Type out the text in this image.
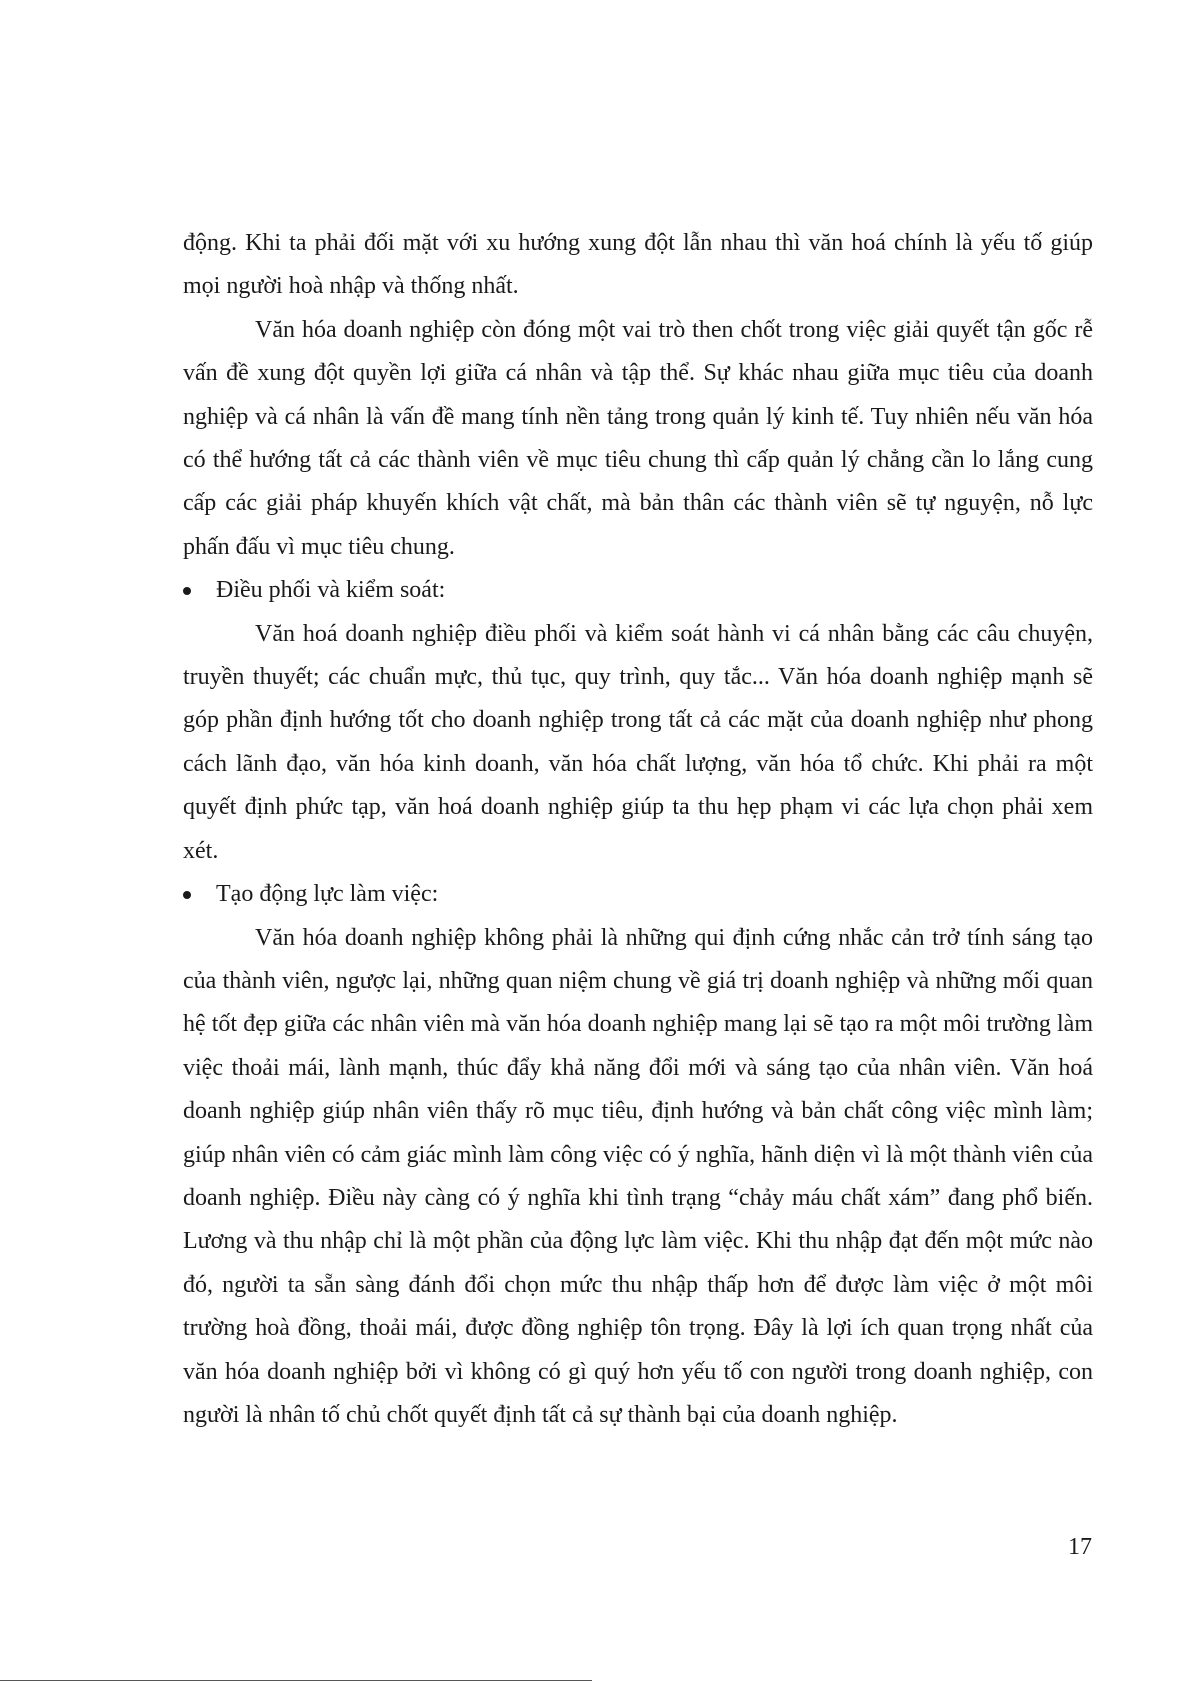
động. Khi ta phải đối mặt với xu hướng xung đột lẫn nhau thì văn hoá chính là yếu tố giúp mọi người hoà nhập và thống nhất.

Văn hóa doanh nghiệp còn đóng một vai trò then chốt trong việc giải quyết tận gốc rễ vấn đề xung đột quyền lợi giữa cá nhân và tập thể. Sự khác nhau giữa mục tiêu của doanh nghiệp và cá nhân là vấn đề mang tính nền tảng trong quản lý kinh tế. Tuy nhiên nếu văn hóa có thể hướng tất cả các thành viên về mục tiêu chung thì cấp quản lý chẳng cần lo lắng cung cấp các giải pháp khuyến khích vật chất, mà bản thân các thành viên sẽ tự nguyện, nỗ lực phấn đấu vì mục tiêu chung.

Điều phối và kiểm soát:

Văn hoá doanh nghiệp điều phối và kiểm soát hành vi cá nhân bằng các câu chuyện, truyền thuyết; các chuẩn mực, thủ tục, quy trình, quy tắc... Văn hóa doanh nghiệp mạnh sẽ góp phần định hướng tốt cho doanh nghiệp trong tất cả các mặt của doanh nghiệp như phong cách lãnh đạo, văn hóa kinh doanh, văn hóa chất lượng, văn hóa tổ chức. Khi phải ra một quyết định phức tạp, văn hoá doanh nghiệp giúp ta thu hẹp phạm vi các lựa chọn phải xem xét.

Tạo động lực làm việc:

Văn hóa doanh nghiệp không phải là những qui định cứng nhắc cản trở tính sáng tạo của thành viên, ngược lại, những quan niệm chung về giá trị doanh nghiệp và những mối quan hệ tốt đẹp giữa các nhân viên mà văn hóa doanh nghiệp mang lại sẽ tạo ra một môi trường làm việc thoải mái, lành mạnh, thúc đẩy khả năng đổi mới và sáng tạo của nhân viên. Văn hoá doanh nghiệp giúp nhân viên thấy rõ mục tiêu, định hướng và bản chất công việc mình làm; giúp nhân viên có cảm giác mình làm công việc có ý nghĩa, hãnh diện vì là một thành viên của doanh nghiệp. Điều này càng có ý nghĩa khi tình trạng “chảy máu chất xám” đang phổ biến. Lương và thu nhập chỉ là một phần của động lực làm việc. Khi thu nhập đạt đến một mức nào đó, người ta sẵn sàng đánh đổi chọn mức thu nhập thấp hơn để được làm việc ở một môi trường hoà đồng, thoải mái, được đồng nghiệp tôn trọng. Đây là lợi ích quan trọng nhất của văn hóa doanh nghiệp bởi vì không có gì quý hơn yếu tố con người trong doanh nghiệp, con người là nhân tố chủ chốt quyết định tất cả sự thành bại của doanh nghiệp.

17
